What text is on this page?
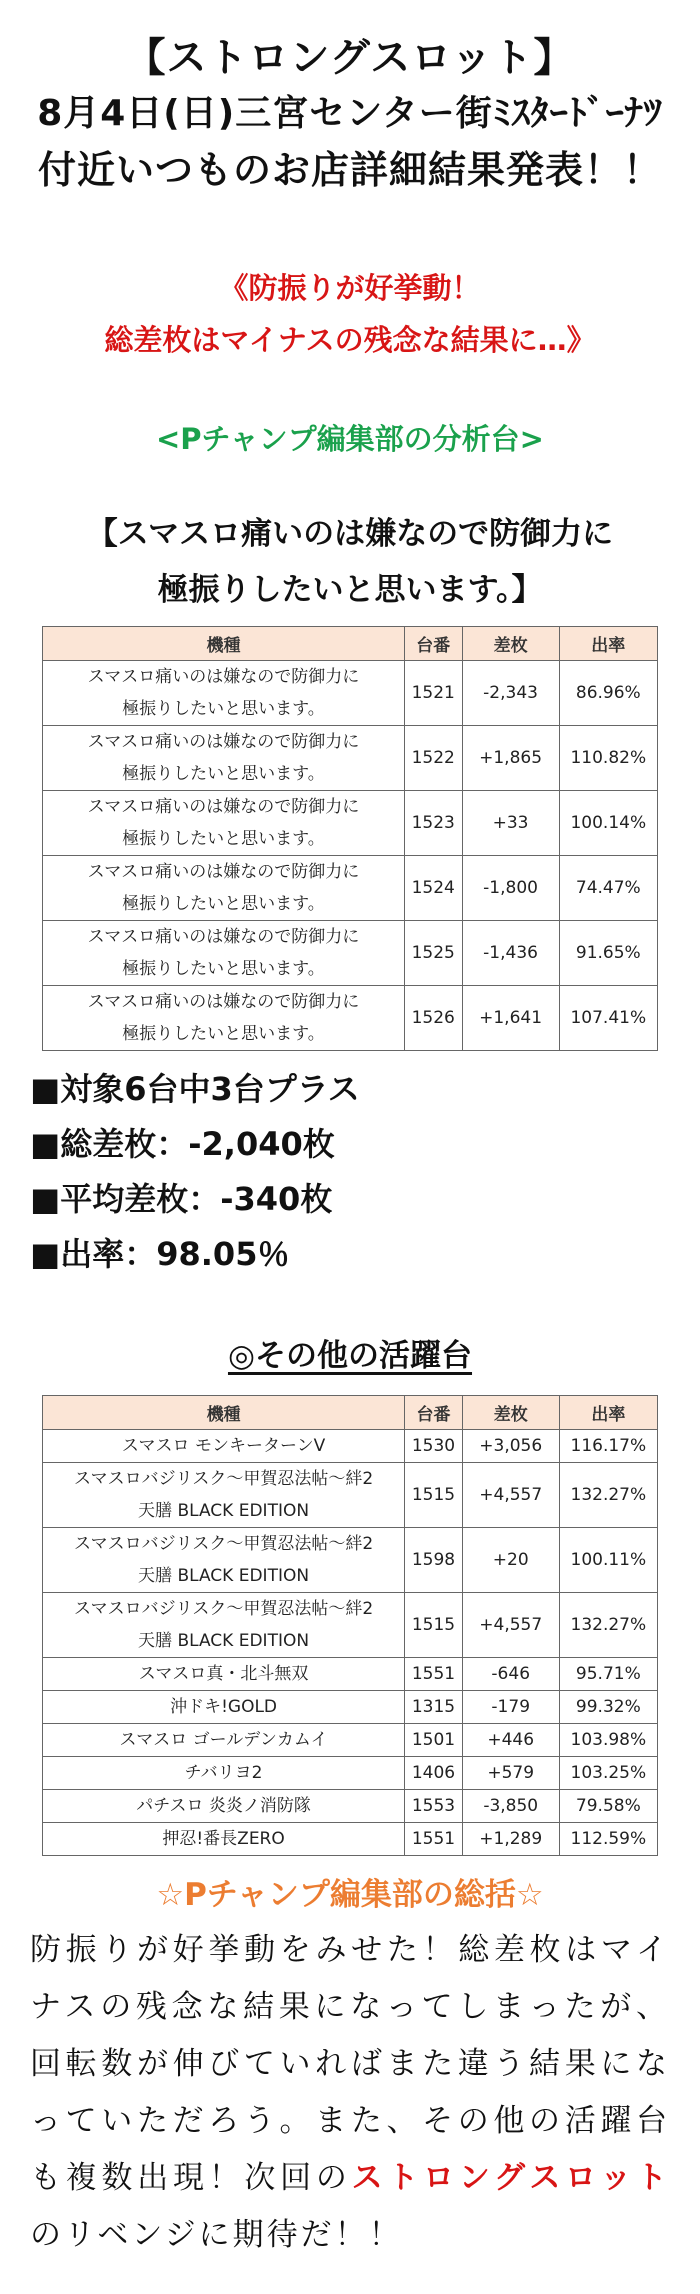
【ストロングスロット】
8月4日(日)三宮センター街ﾐｽﾀｰﾄﾞｰﾅﾂ
付近いつものお店詳細結果発表！！
《防振りが好挙動！
総差枚はマイナスの残念な結果に…》
<Pチャンプ編集部の分析台>
【スマスロ痛いのは嫌なので防御力に
極振りしたいと思います。】
機種	台番	差枚	出率

スマスロ痛いのは嫌なので防御力に
極振りしたいと思います。	1521	-2,343	86.96%

スマスロ痛いのは嫌なので防御力に
極振りしたいと思います。	1522	+1,865	110.82%

スマスロ痛いのは嫌なので防御力に
極振りしたいと思います。	1523	+33	100.14%

スマスロ痛いのは嫌なので防御力に
極振りしたいと思います。	1524	-1,800	74.47%

スマスロ痛いのは嫌なので防御力に
極振りしたいと思います。	1525	-1,436	91.65%

スマスロ痛いのは嫌なので防御力に
極振りしたいと思います。	1526	+1,641	107.41%
■対象6台中3台プラス
■総差枚：-2,040枚
■平均差枚：-340枚
■出率：98.05％
◎その他の活躍台
機種	台番	差枚	出率

スマスロ モンキーターンV	1530	+3,056	116.17%

スマスロバジリスク～甲賀忍法帖～絆2
天膳 BLACK EDITION	1515	+4,557	132.27%

スマスロバジリスク～甲賀忍法帖～絆2
天膳 BLACK EDITION	1598	+20	100.11%

スマスロバジリスク～甲賀忍法帖～絆2
天膳 BLACK EDITION	1515	+4,557	132.27%

スマスロ真・北斗無双	1551	-646	95.71%

沖ドキ!GOLD	1315	-179	99.32%

スマスロ ゴールデンカムイ	1501	+446	103.98%

チバリヨ2	1406	+579	103.25%

パチスロ 炎炎ノ消防隊	1553	-3,850	79.58%

押忍!番長ZERO	1551	+1,289	112.59%
☆Pチャンプ編集部の総括☆
防振りが好挙動をみせた！総差枚はマイナスの残念な結果になってしまったが、回転数が伸びていればまた違う結果になっていただろう。また、その他の活躍台も複数出現！次回のストロングスロットのリベンジに期待だ！！
